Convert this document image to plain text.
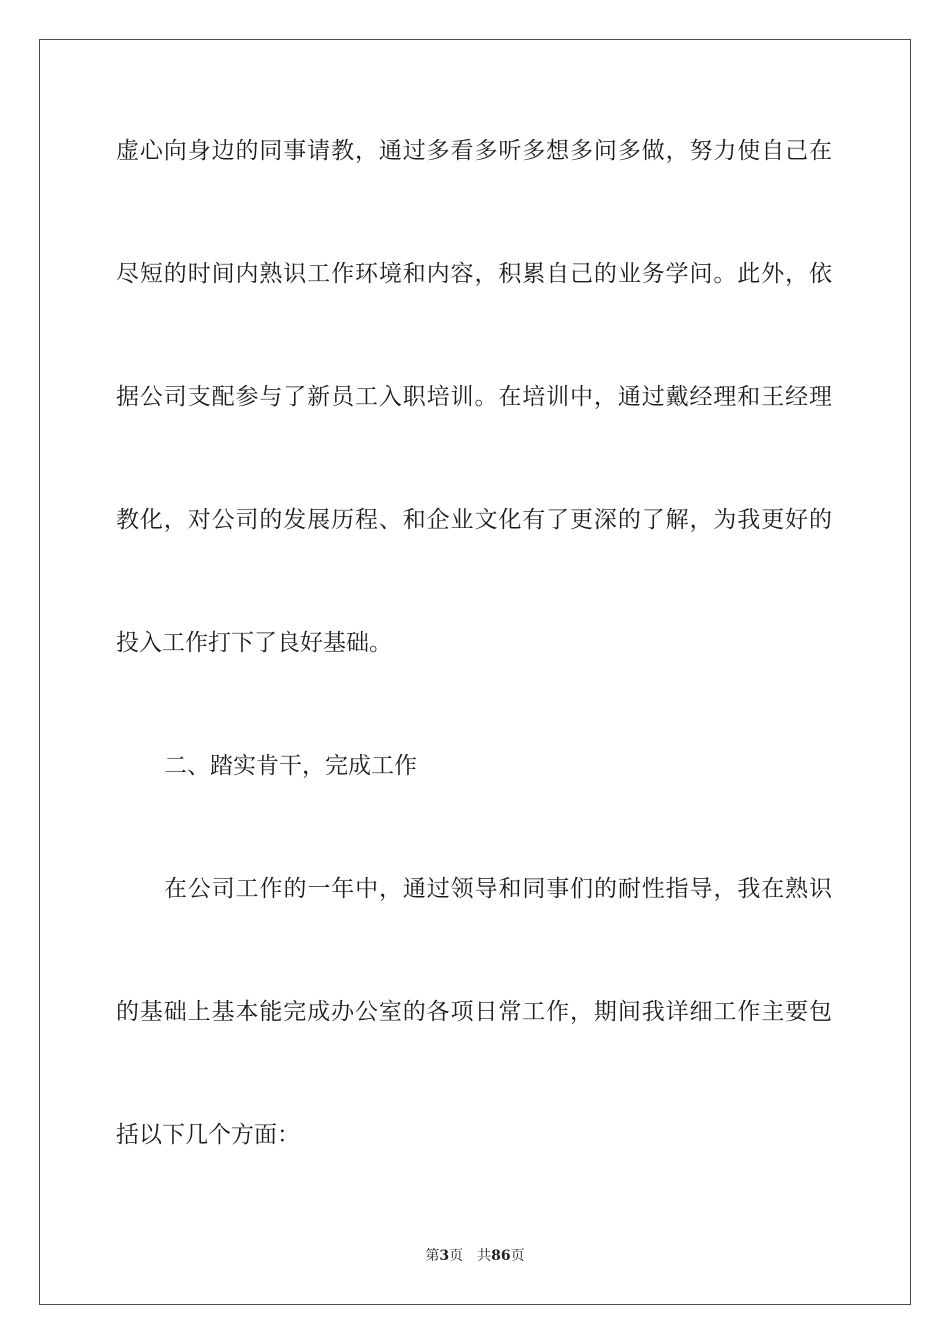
虚心向身边的同事请教，通过多看多听多想多问多做，努力使自己在
尽短的时间内熟识工作环境和内容，积累自己的业务学问。此外，依
据公司支配参与了新员工入职培训。在培训中，通过戴经理和王经理
教化，对公司的发展历程、和企业文化有了更深的了解，为我更好的
投入工作打下了良好基础。
二、踏实肯干，完成工作
在公司工作的一年中，通过领导和同事们的耐性指导，我在熟识
的基础上基本能完成办公室的各项日常工作，期间我详细工作主要包
括以下几个方面：
第3页 共86页
